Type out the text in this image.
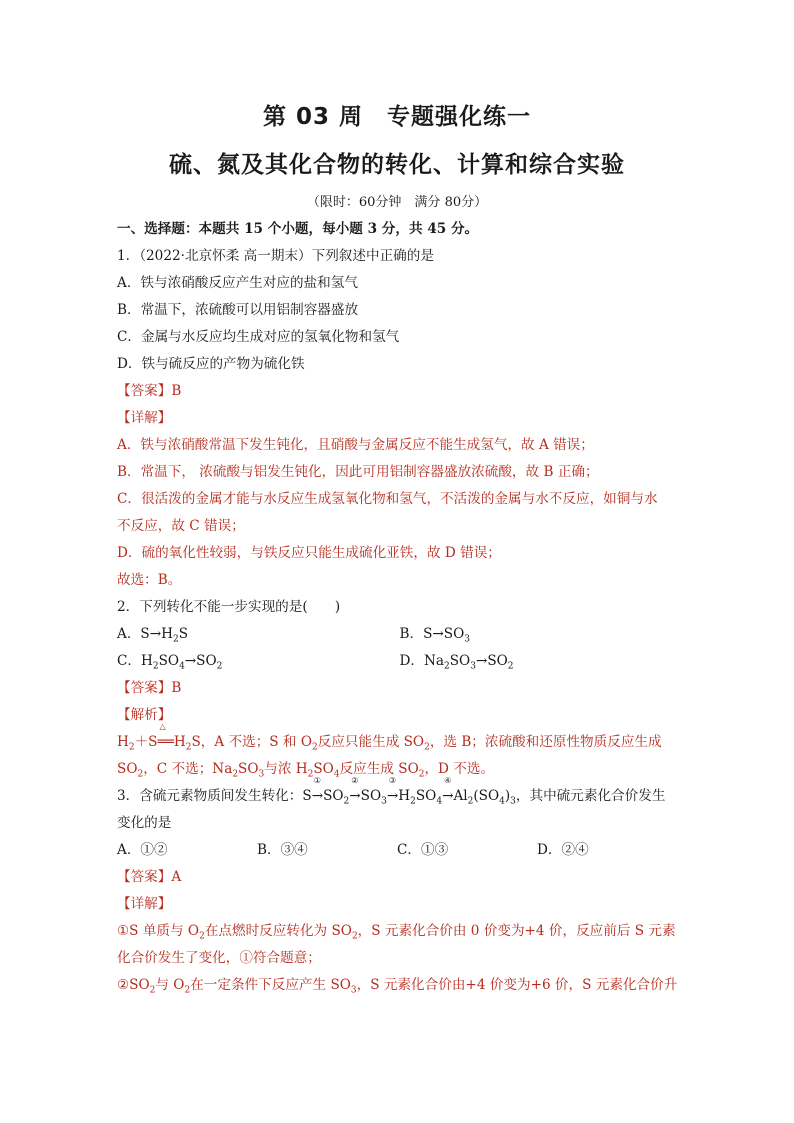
第 03 周　专题强化练一
硫、氮及其化合物的转化、计算和综合实验
（限时：60分钟　满分 80分）
一、选择题：本题共 15 个小题，每小题 3 分，共 45 分。
1．（2022·北京怀柔 高一期末）下列叙述中正确的是
A．铁与浓硝酸反应产生对应的盐和氢气
B．常温下，浓硫酸可以用铝制容器盛放
C．金属与水反应均生成对应的氢氧化物和氢气
D．铁与硫反应的产物为硫化铁
【答案】B
【详解】
A．铁与浓硝酸常温下发生钝化，且硝酸与金属反应不能生成氢气，故 A 错误；
B．常温下， 浓硫酸与铝发生钝化，因此可用铝制容器盛放浓硫酸，故 B 正确；
C．很活泼的金属才能与水反应生成氢氧化物和氢气，不活泼的金属与水不反应，如铜与水
不反应，故 C 错误；
D．硫的氧化性较弱，与铁反应只能生成硫化亚铁，故 D 错误；
故选：B。
2．下列转化不能一步实现的是(　　)
A．$S\to H_2S$	B．$S\to SO_3$
C．$H_2SO_4\to SO_2$	D．$Na_2SO_3\to SO_2$
【答案】B
【解析】
$H_2+S$
△
$══H_2S$，A 不选；S 和 $O_2$反应只能生成 $SO_2$，选 B；浓硫酸和还原性物质反应生成
$SO_2$，C 不选；$Na_2SO_3$与浓 $H_2SO_4$反应生成 $SO_2$，D 不选。
3．含硫元素物质间发生转化：S
①
$\to SO_2$
②
$\to SO_3$
③
$\to H_2SO_4$
④
$\to Al_2(SO_4)_3$，其中硫元素化合价发生
变化的是
A．①②	B．③④	C．①③	D．②④
【答案】A
【详解】
①S 单质与 $O_2$在点燃时反应转化为 $SO_2$，S 元素化合价由 0 价变为+4 价，反应前后 S 元素
化合价发生了变化，①符合题意；
$②SO_2$与 $O_2$在一定条件下反应产生 $SO_3$，S 元素化合价由+4 价变为+6 价，S 元素化合价升
